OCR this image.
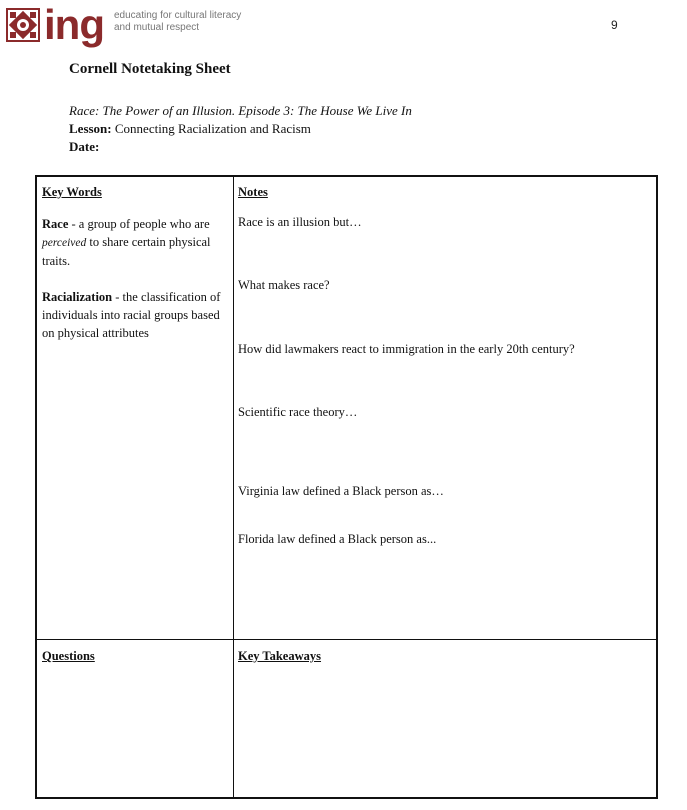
ing educating for cultural literacy
and mutual respect	9
Cornell Notetaking Sheet
Race: The Power of an Illusion. Episode 3: The House We Live In
Lesson: Connecting Racialization and Racism
Date:

Key Words

Race - a group of people who are perceived to share certain physical traits.

Racialization - the classification of individuals into racial groups based on physical attributes

Notes
Race is an illusion but…
What makes race?
How did lawmakers react to immigration in the early 20th century?
Scientific race theory…
Virginia law defined a Black person as…
Florida law defined a Black person as...
Questions	Key Takeaways
